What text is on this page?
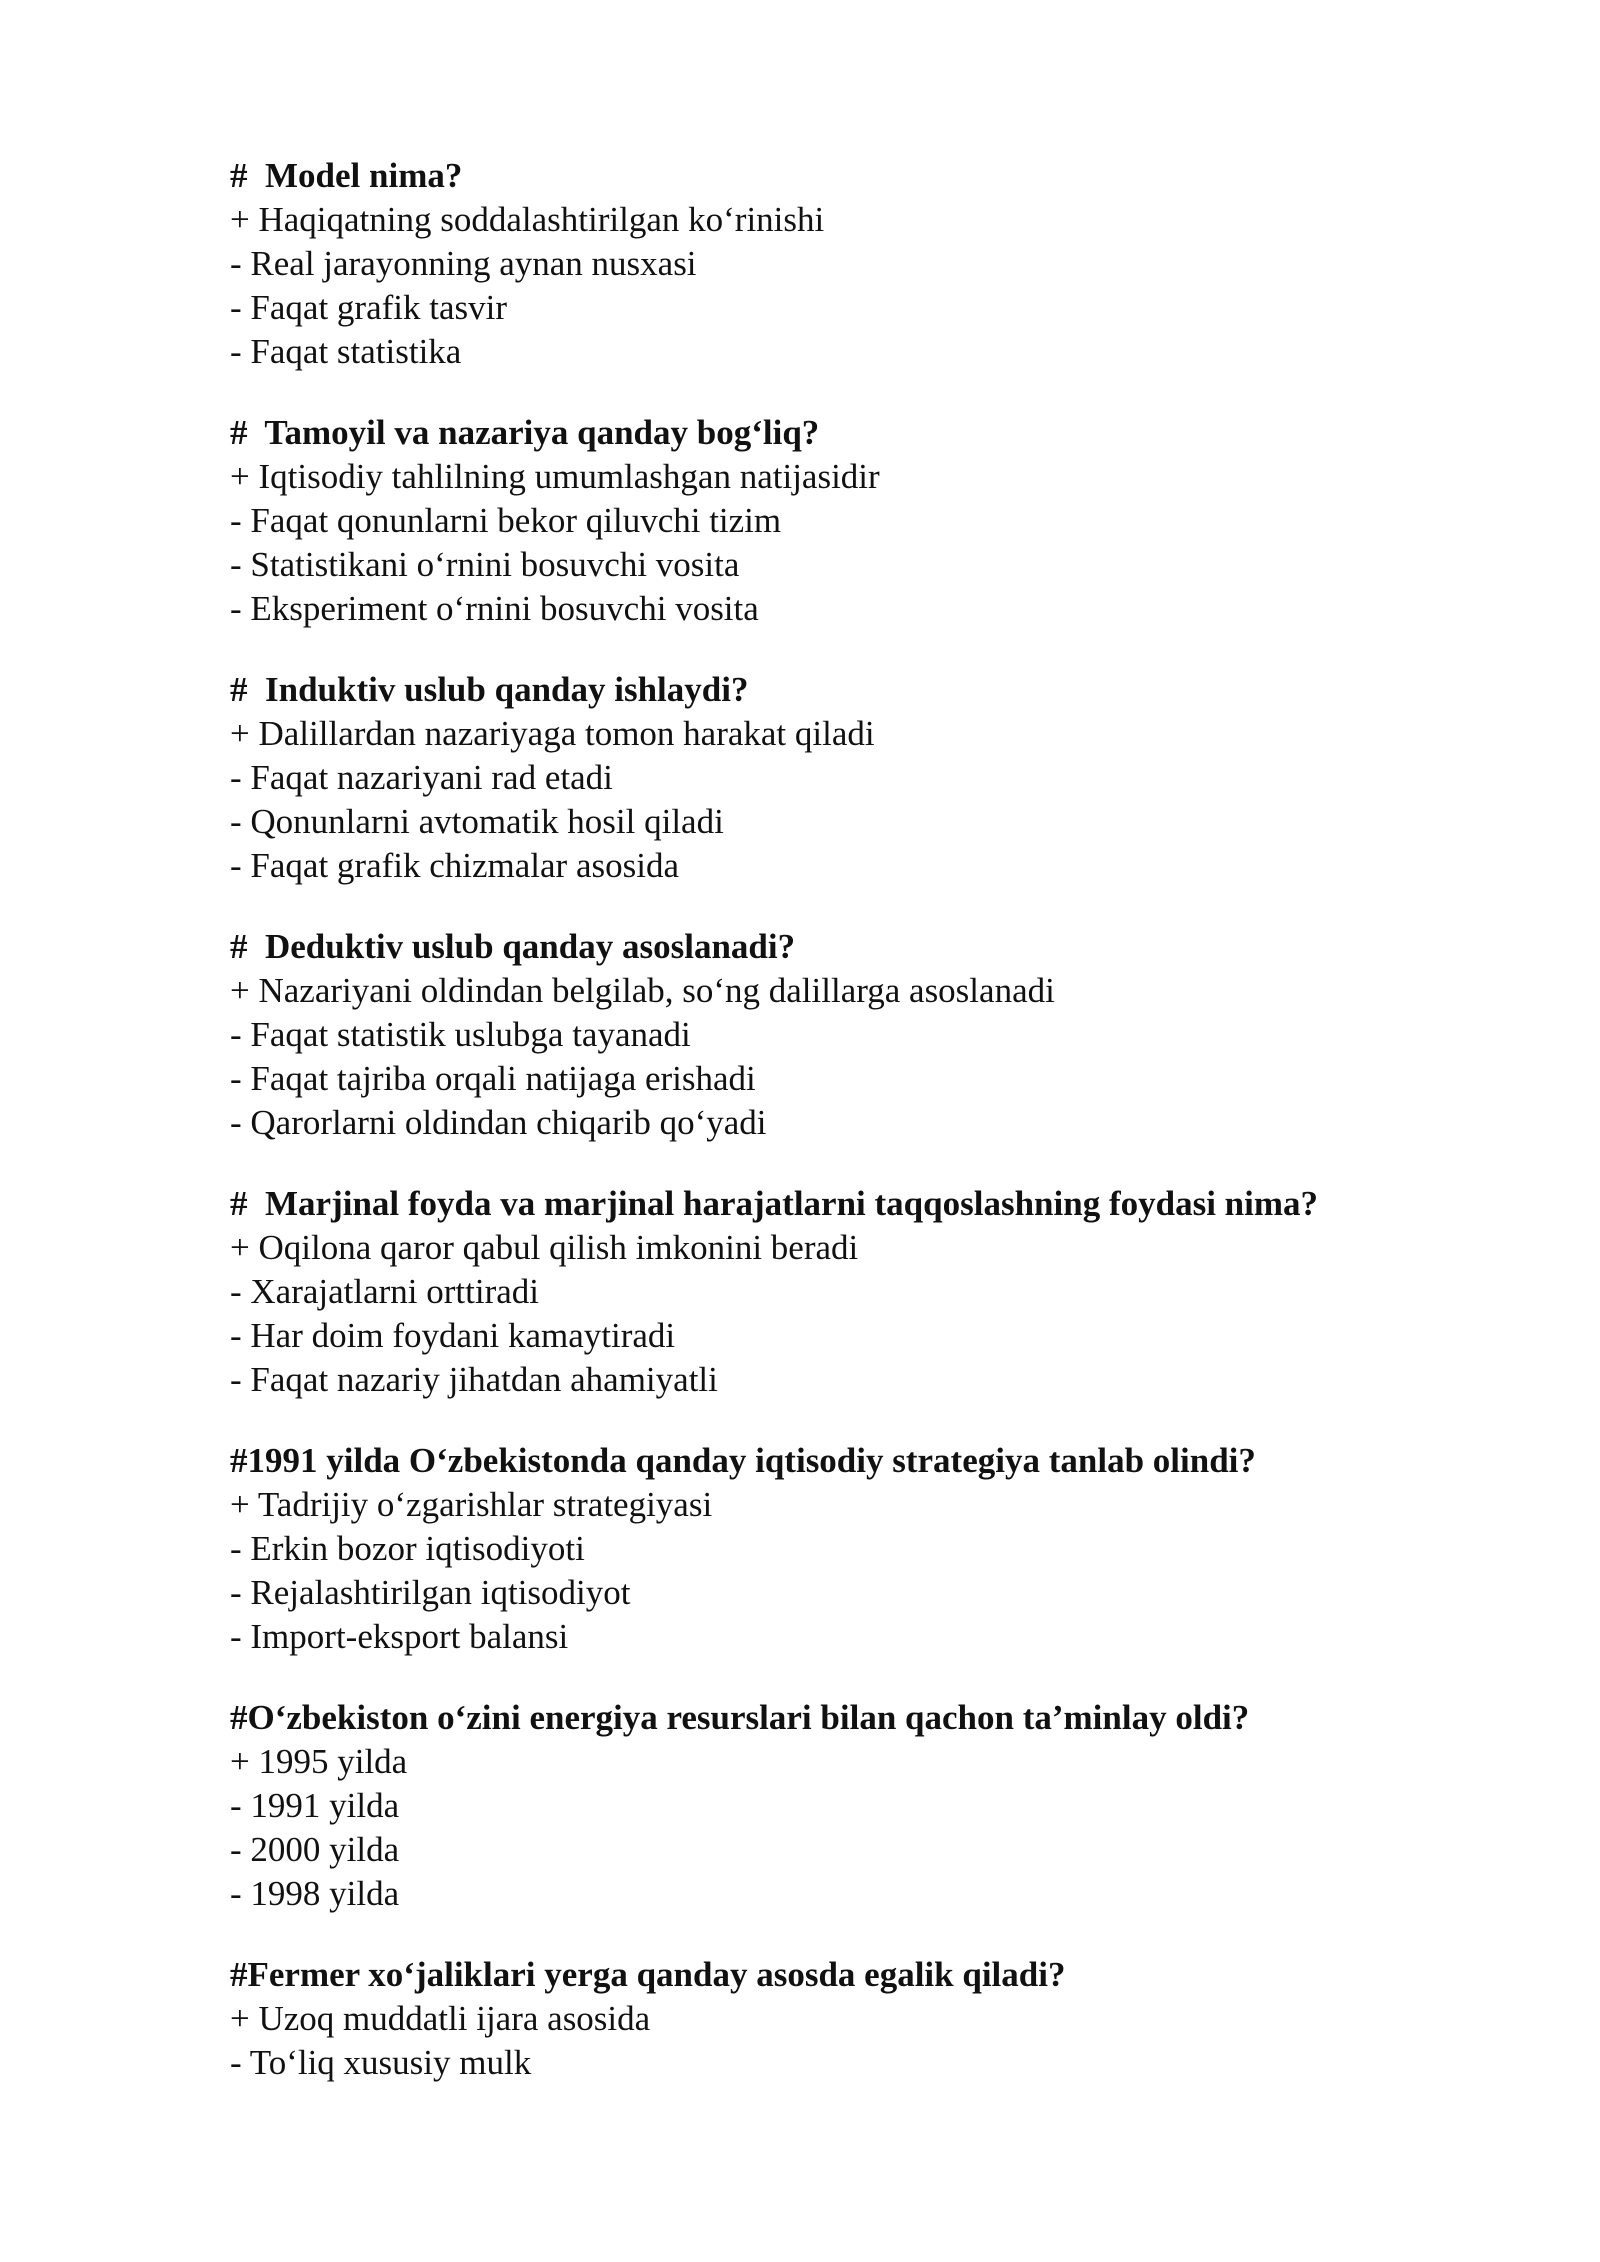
#  Model nima?
+ Haqiqatning soddalashtirilgan ko‘rinishi
- Real jarayonning aynan nusxasi
- Faqat grafik tasvir
- Faqat statistika
#  Tamoyil va nazariya qanday bog‘liq?
+ Iqtisodiy tahlilning umumlashgan natijasidir
- Faqat qonunlarni bekor qiluvchi tizim
- Statistikani o‘rnini bosuvchi vosita
- Eksperiment o‘rnini bosuvchi vosita
#  Induktiv uslub qanday ishlaydi?
+ Dalillardan nazariyaga tomon harakat qiladi
- Faqat nazariyani rad etadi
- Qonunlarni avtomatik hosil qiladi
- Faqat grafik chizmalar asosida
#  Deduktiv uslub qanday asoslanadi?
+ Nazariyani oldindan belgilab, so‘ng dalillarga asoslanadi
- Faqat statistik uslubga tayanadi
- Faqat tajriba orqali natijaga erishadi
- Qarorlarni oldindan chiqarib qo‘yadi
#  Marjinal foyda va marjinal harajatlarni taqqoslashning foydasi nima?
+ Oqilona qaror qabul qilish imkonini beradi
- Xarajatlarni orttiradi
- Har doim foydani kamaytiradi
- Faqat nazariy jihatdan ahamiyatli
#1991 yilda O‘zbekistonda qanday iqtisodiy strategiya tanlab olindi?
+ Tadrijiy o‘zgarishlar strategiyasi
- Erkin bozor iqtisodiyoti
- Rejalashtirilgan iqtisodiyot
- Import-eksport balansi
#O‘zbekiston o‘zini energiya resurslari bilan qachon ta’minlay oldi?
+ 1995 yilda
- 1991 yilda
- 2000 yilda
- 1998 yilda
#Fermer xo‘jaliklari yerga qanday asosda egalik qiladi?
+ Uzoq muddatli ijara asosida
- To‘liq xususiy mulk
